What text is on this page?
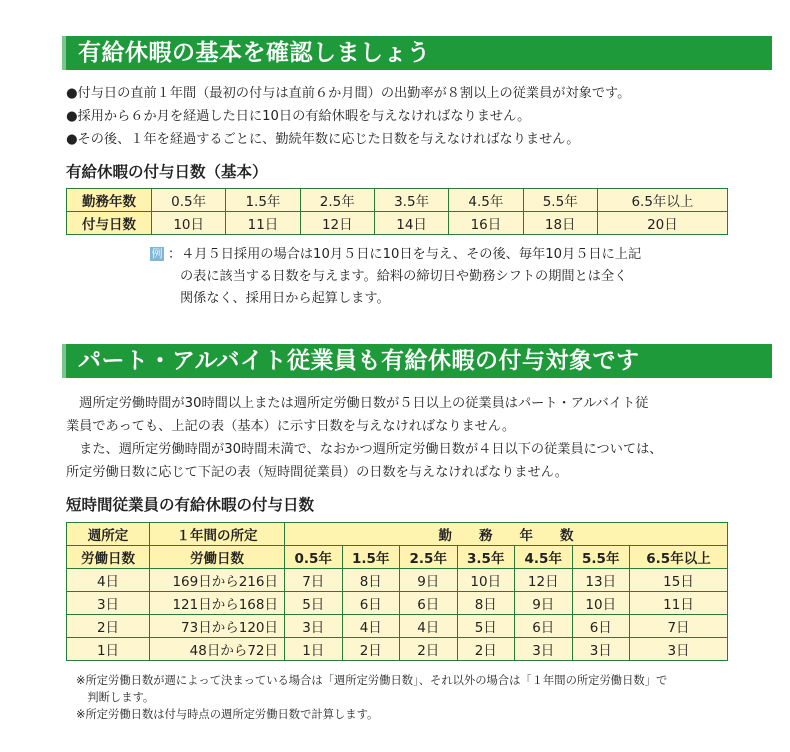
有給休暇の基本を確認しましょう
●付与日の直前１年間（最初の付与は直前６か月間）の出勤率が８割以上の従業員が対象です。
●採用から６か月を経過した日に10日の有給休暇を与えなければなりません。
●その後、１年を経過するごとに、勤続年数に応じた日数を与えなければなりません。
有給休暇の付与日数（基本）
勤務年数	0.5年	1.5年	2.5年	3.5年	4.5年	5.5年	6.5年以上
付与日数	10日	11日	12日	14日	16日	18日	20日
例 ：４月５日採用の場合は10月５日に10日を与え、その後、毎年10月５日に上記
の表に該当する日数を与えます。給料の締切日や勤務シフトの期間とは全く
関係なく、採用日から起算します。
パート・アルバイト従業員も有給休暇の付与対象です
　週所定労働時間が30時間以上または週所定労働日数が５日以上の従業員はパート・アルバイト従
業員であっても、上記の表（基本）に示す日数を与えなければなりません。
　また、週所定労働時間が30時間未満で、なおかつ週所定労働日数が４日以下の従業員については、
所定労働日数に応じて下記の表（短時間従業員）の日数を与えなければなりません。
短時間従業員の有給休暇の付与日数
週所定	１年間の所定	勤　　務　　年　　数						
労働日数	労働日数	0.5年	1.5年	2.5年	3.5年	4.5年	5.5年	6.5年以上
4日	169日から216日	7日	8日	9日	10日	12日	13日	15日
3日	121日から168日	5日	6日	6日	8日	9日	10日	11日
2日	73日から120日	3日	4日	4日	5日	6日	6日	7日
1日	48日から72日	1日	2日	2日	2日	3日	3日	3日
※所定労働日数が週によって決まっている場合は「週所定労働日数」、それ以外の場合は「１年間の所定労働日数」で
　判断します。
※所定労働日数は付与時点の週所定労働日数で計算します。
